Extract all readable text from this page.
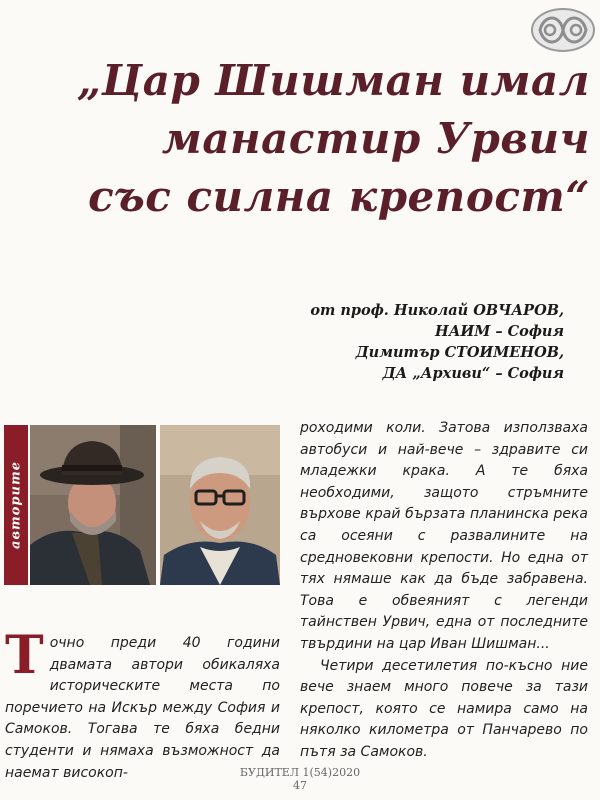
„Цар Шишман имал
манастир Урвич
със силна крепост“
от проф. Николай ОВЧАРОВ,
НАИМ – София
Димитър СТОИМЕНОВ,
ДА „Архиви“ – София
авторите

Точно преди 40 години двамата автори обикаляха историческите места по поречието на Искър между София и Самоков. Тогава те бяха бедни студенти и нямаха възможност да наемат високоп-

роходими коли. Затова използваха автобуси и най-вече – здравите си младежки крака. А те бяха необходими, защото стръмните върхове край бързата планинска река са осеяни с развалините на средновековни крепости. Но една от тях нямаше как да бъде забравена. Това е обвеяният с легенди тайнствен Урвич, една от последните твърдини на цар Иван Шишман...

Четири десетилетия по-късно ние вече знаем много повече за тази крепост, която се намира само на няколко километра от Панчарево по пътя за Самоков.

БУДИТЕЛ 1(54)2020
47
